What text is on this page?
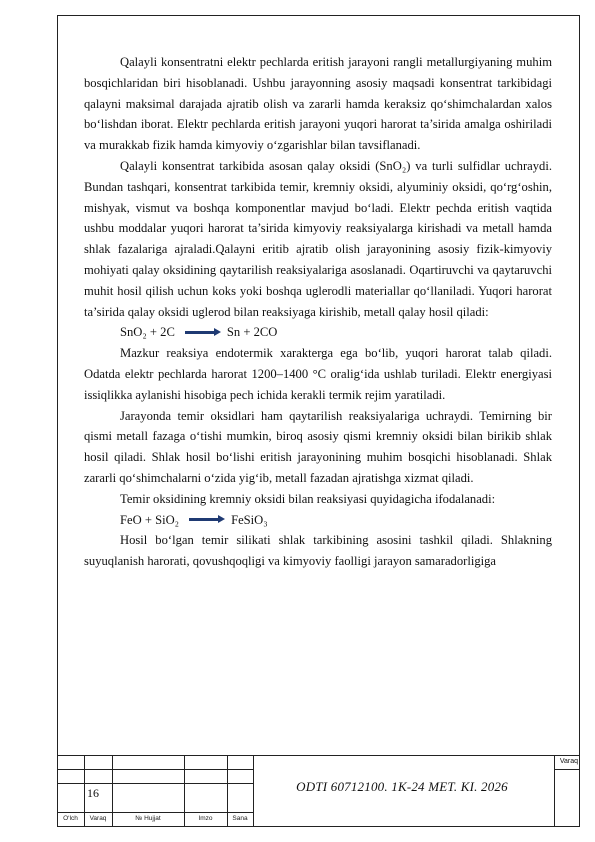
Qalayli konsentratni elektr pechlarda eritish jarayoni rangli metallurgiyaning muhim bosqichlaridan biri hisoblanadi. Ushbu jarayonning asosiy maqsadi konsentrat tarkibidagi qalayni maksimal darajada ajratib olish va zararli hamda keraksiz qo‘shimchalardan xalos bo‘lishdan iborat. Elektr pechlarda eritish jarayoni yuqori harorat ta’sirida amalga oshiriladi va murakkab fizik hamda kimyoviy o‘zgarishlar bilan tavsiflanadi.

Qalayli konsentrat tarkibida asosan qalay oksidi (SnO₂) va turli sulfidlar uchraydi. Bundan tashqari, konsentrat tarkibida temir, kremniy oksidi, alyuminiy oksidi, qo‘rg‘oshin, mishyak, vismut va boshqa komponentlar mavjud bo‘ladi. Elektr pechda eritish vaqtida ushbu moddalar yuqori harorat ta’sirida kimyoviy reaksiyalarga kirishadi va metall hamda shlak fazalariga ajraladi.Qalayni eritib ajratib olish jarayonining asosiy fizik-kimyoviy mohiyati qalay oksidining qaytarilish reaksiyalariga asoslanadi. Oqartiruvchi va qaytaruvchi muhit hosil qilish uchun koks yoki boshqa uglerodli materiallar qo‘llaniladi. Yuqori harorat ta’sirida qalay oksidi uglerod bilan reaksiyaga kirishib, metall qalay hosil qiladi:

SnO₂ + 2C → Sn + 2CO

Mazkur reaksiya endotermik xarakterga ega bo‘lib, yuqori harorat talab qiladi. Odatda elektr pechlarda harorat 1200–1400 °C oralig‘ida ushlab turiladi. Elektr energiyasi issiqlikka aylanishi hisobiga pech ichida kerakli termik rejim yaratiladi.

Jarayonda temir oksidlari ham qaytarilish reaksiyalariga uchraydi. Temirning bir qismi metall fazaga o‘tishi mumkin, biroq asosiy qismi kremniy oksidi bilan birikib shlak hosil qiladi. Shlak hosil bo‘lishi eritish jarayonining muhim bosqichi hisoblanadi. Shlak zararli qo‘shimchalarni o‘zida yig‘ib, metall fazadan ajratishga xizmat qiladi.

Temir oksidining kremniy oksidi bilan reaksiyasi quyidagicha ifodalanadi:

FeO + SiO₂ → FeSiO₃

Hosil bo‘lgan temir silikati shlak tarkibining asosini tashkil qiladi. Shlakning suyuqlanish harorati, qovushqoqligi va kimyoviy faolligi jarayon samaradorligiga

16	ODTI 60712100. 1K-24 MET. KI. 2026
Varaq
O‘lch	Varaq	№ Hujjat	Imzo	Sana
